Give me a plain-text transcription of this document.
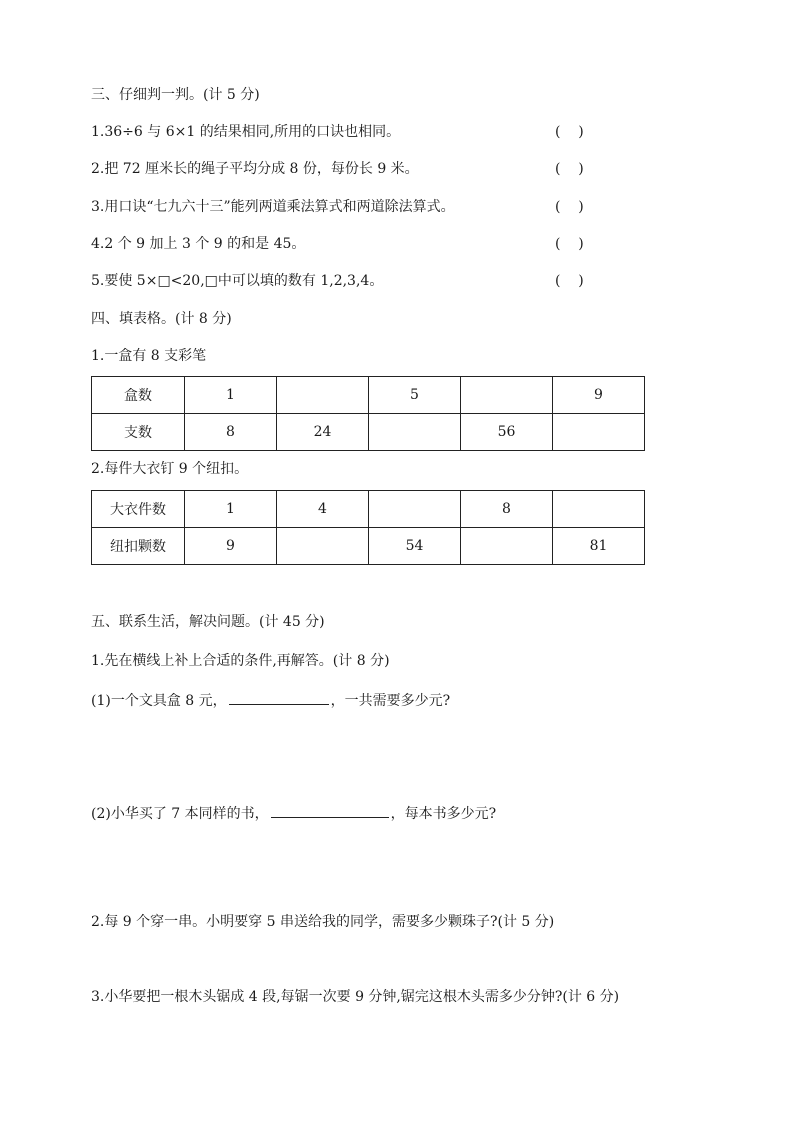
三、仔细判一判。(计 5 分)
1.36÷6 与 6×1 的结果相同,所用的口诀也相同。	(    )
2.把 72 厘米长的绳子平均分成 8 份，每份长 9 米。	(    )
3.用口诀“七九六十三”能列两道乘法算式和两道除法算式。	(    )
4.2 个 9 加上 3 个 9 的和是 45。	(    )
5.要使 5×□<20,□中可以填的数有 1,2,3,4。	(    )
四、填表格。(计 8 分)
1.一盒有 8 支彩笔
盒数	1		5		9
支数	8	24		56	
2.每件大衣钉 9 个纽扣。
大衣件数	1	4		8	
纽扣颗数	9		54		81
五、联系生活，解决问题。(计 45 分)
1.先在横线上补上合适的条件,再解答。(计 8 分)
(1)一个文具盒 8 元，	，一共需要多少元?
(2)小华买了 7 本同样的书，	，每本书多少元?
2.每 9 个穿一串。小明要穿 5 串送给我的同学，需要多少颗珠子?(计 5 分)
3.小华要把一根木头锯成 4 段,每锯一次要 9 分钟,锯完这根木头需多少分钟?(计 6 分)
